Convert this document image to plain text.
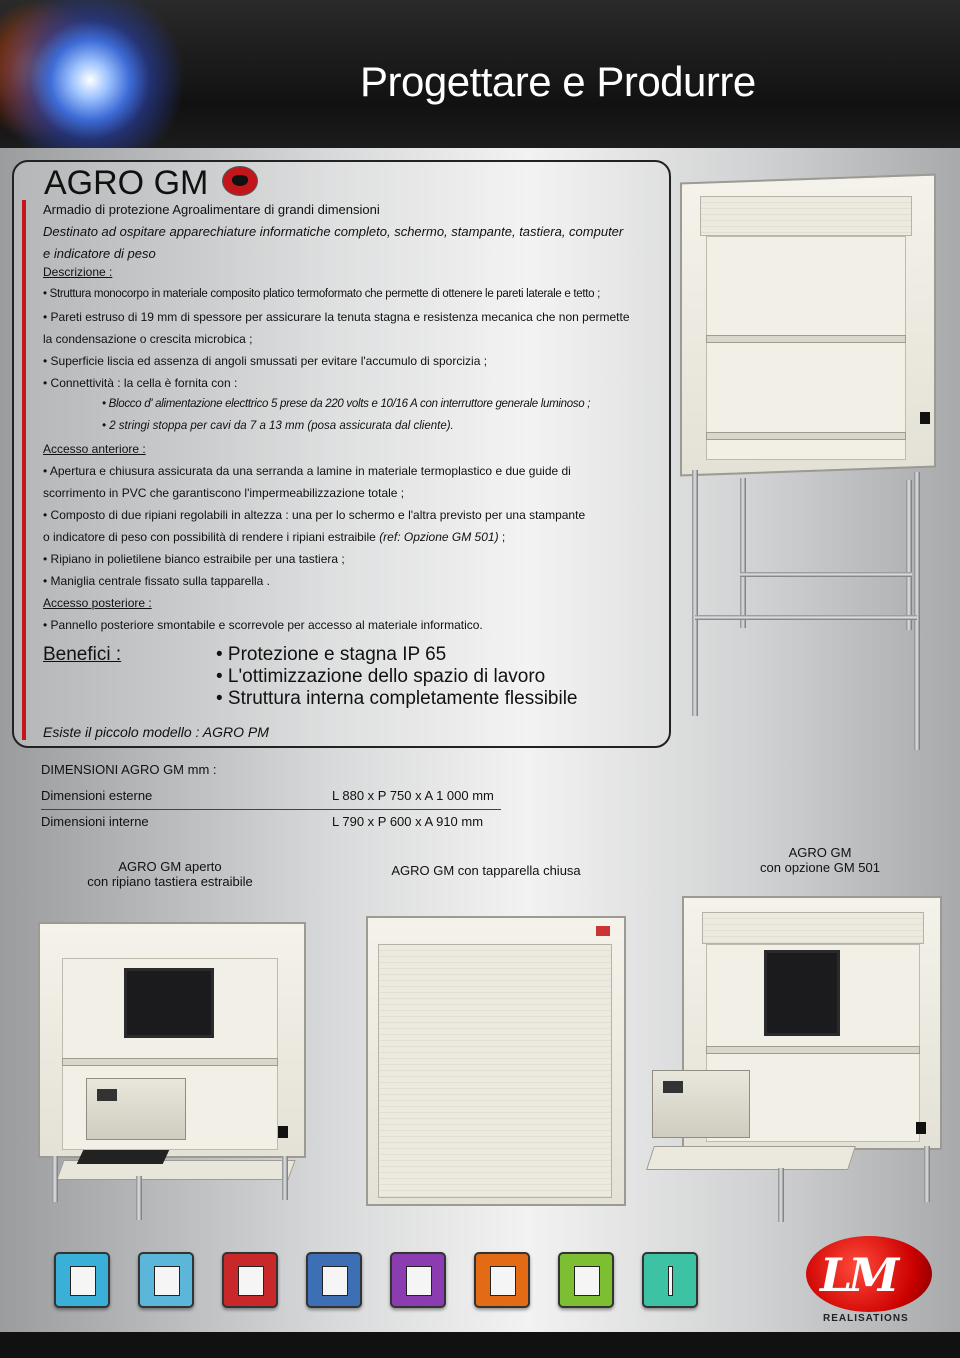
Progettare e Produrre
AGRO GM
Armadio di protezione Agroalimentare di grandi dimensioni
Destinato ad ospitare apparechiature informatiche completo, schermo, stampante, tastiera, computer
e indicatore di peso
Descrizione :
• Struttura monocorpo in materiale composito platico termoformato che permette di ottenere le pareti laterale e tetto ;
• Pareti estruso di 19 mm di spessore per assicurare la tenuta stagna e resistenza mecanica che non permette
la condensazione o crescita microbica ;
• Superficie liscia ed assenza di angoli smussati per evitare l'accumulo di sporcizia ;
• Connettività : la cella è fornita con :
• Blocco d' alimentazione electtrico 5 prese da 220 volts e 10/16 A con interruttore generale luminoso ;
• 2 stringi stoppa per cavi da 7 a 13 mm (posa assicurata dal cliente).
Accesso anteriore :
• Apertura e chiusura assicurata da una serranda a lamine in materiale termoplastico e due guide di
scorrimento in PVC che garantiscono l'impermeabilizzazione totale ;
• Composto di due ripiani regolabili in altezza : una per lo schermo e l'altra previsto per una stampante
o indicatore di peso con possibilità di rendere i ripiani estraibile (ref: Opzione GM 501) ;
• Ripiano in polietilene bianco estraibile per una tastiera ;
• Maniglia centrale fissato sulla tapparella .
Accesso posteriore :
• Pannello posteriore smontabile e scorrevole per accesso al materiale informatico.
Benefici :	• Protezione e stagna IP 65
• L'ottimizzazione dello spazio di lavoro
• Struttura interna completamente flessibile
Esiste il piccolo modello : AGRO PM
DIMENSIONI AGRO GM mm :
Dimensioni esterne	L 880 x P 750 x A 1 000 mm
Dimensioni interne	L 790 x P 600 x A 910 mm
AGRO GM aperto
con ripiano tastiera estraibile
AGRO GM con tapparella chiusa
AGRO GM
con opzione GM 501
LM
REALISATIONS
